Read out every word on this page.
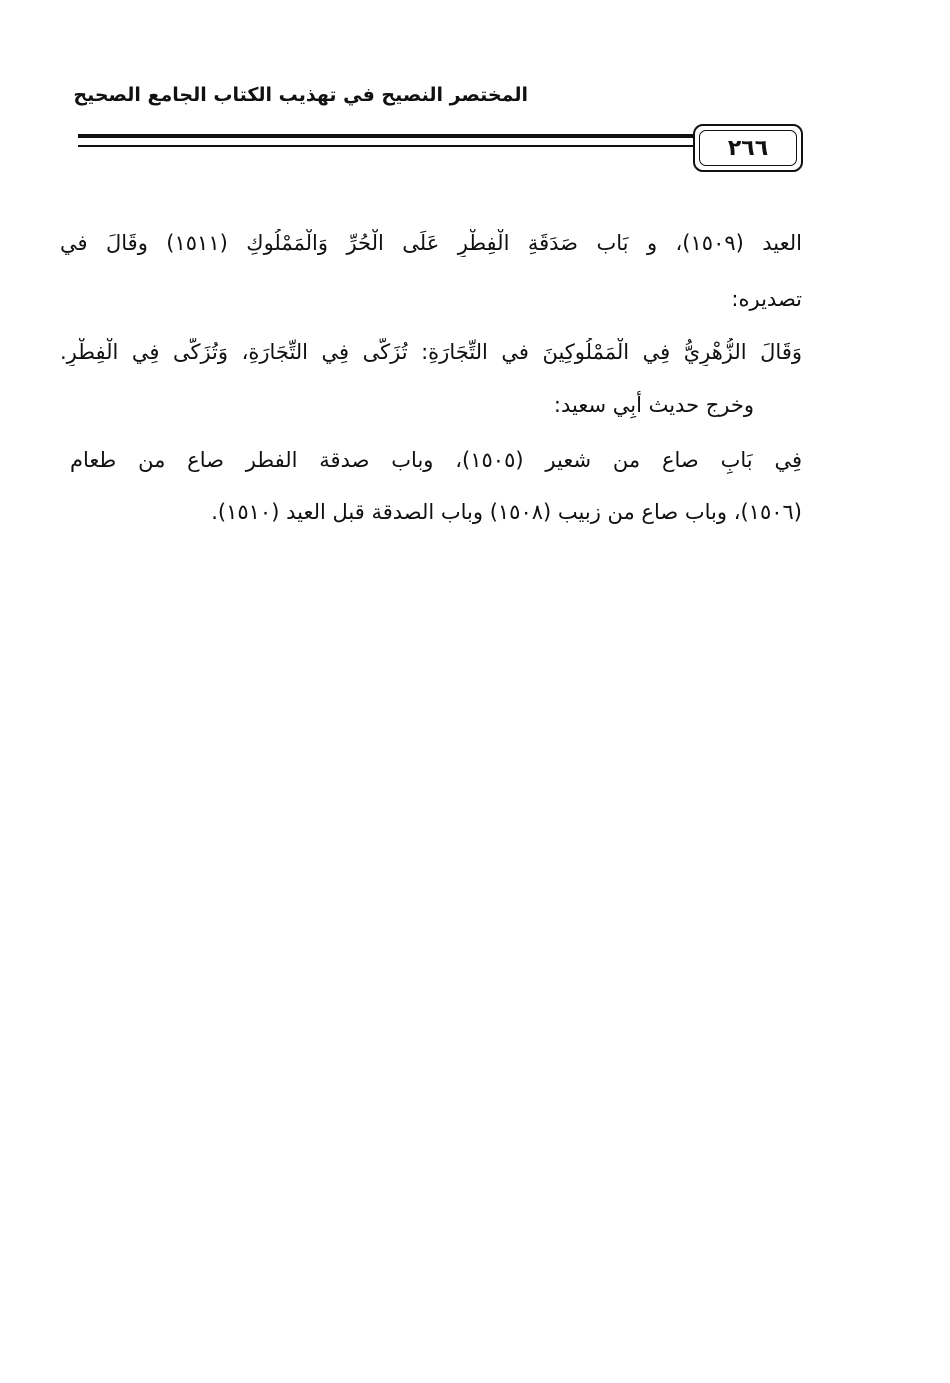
المختصر النصيح في تهذيب الكتاب الجامع الصحيح
٢٦٦
العيد (١٥٠٩)، و بَاب صَدَقَةِ الْفِطْرِ عَلَى الْحُرِّ وَالْمَمْلُوكِ (١٥١١) وقَالَ في
تصديره:
وَقَالَ الزُّهْرِيُّ فِي الْمَمْلُوكِينَ في التِّجَارَةِ: تُزَكَّى فِي التِّجَارَةِ، وَتُزَكَّى فِي الْفِطْرِ.
وخرج حديث أَبِي سعيد:
فِي بَابِ صاع من شعير (١٥٠٥)، وباب صدقة الفطر صاع من طعام
(١٥٠٦)، وباب صاع من زبيب (١٥٠٨) وباب الصدقة قبل العيد (١٥١٠).
